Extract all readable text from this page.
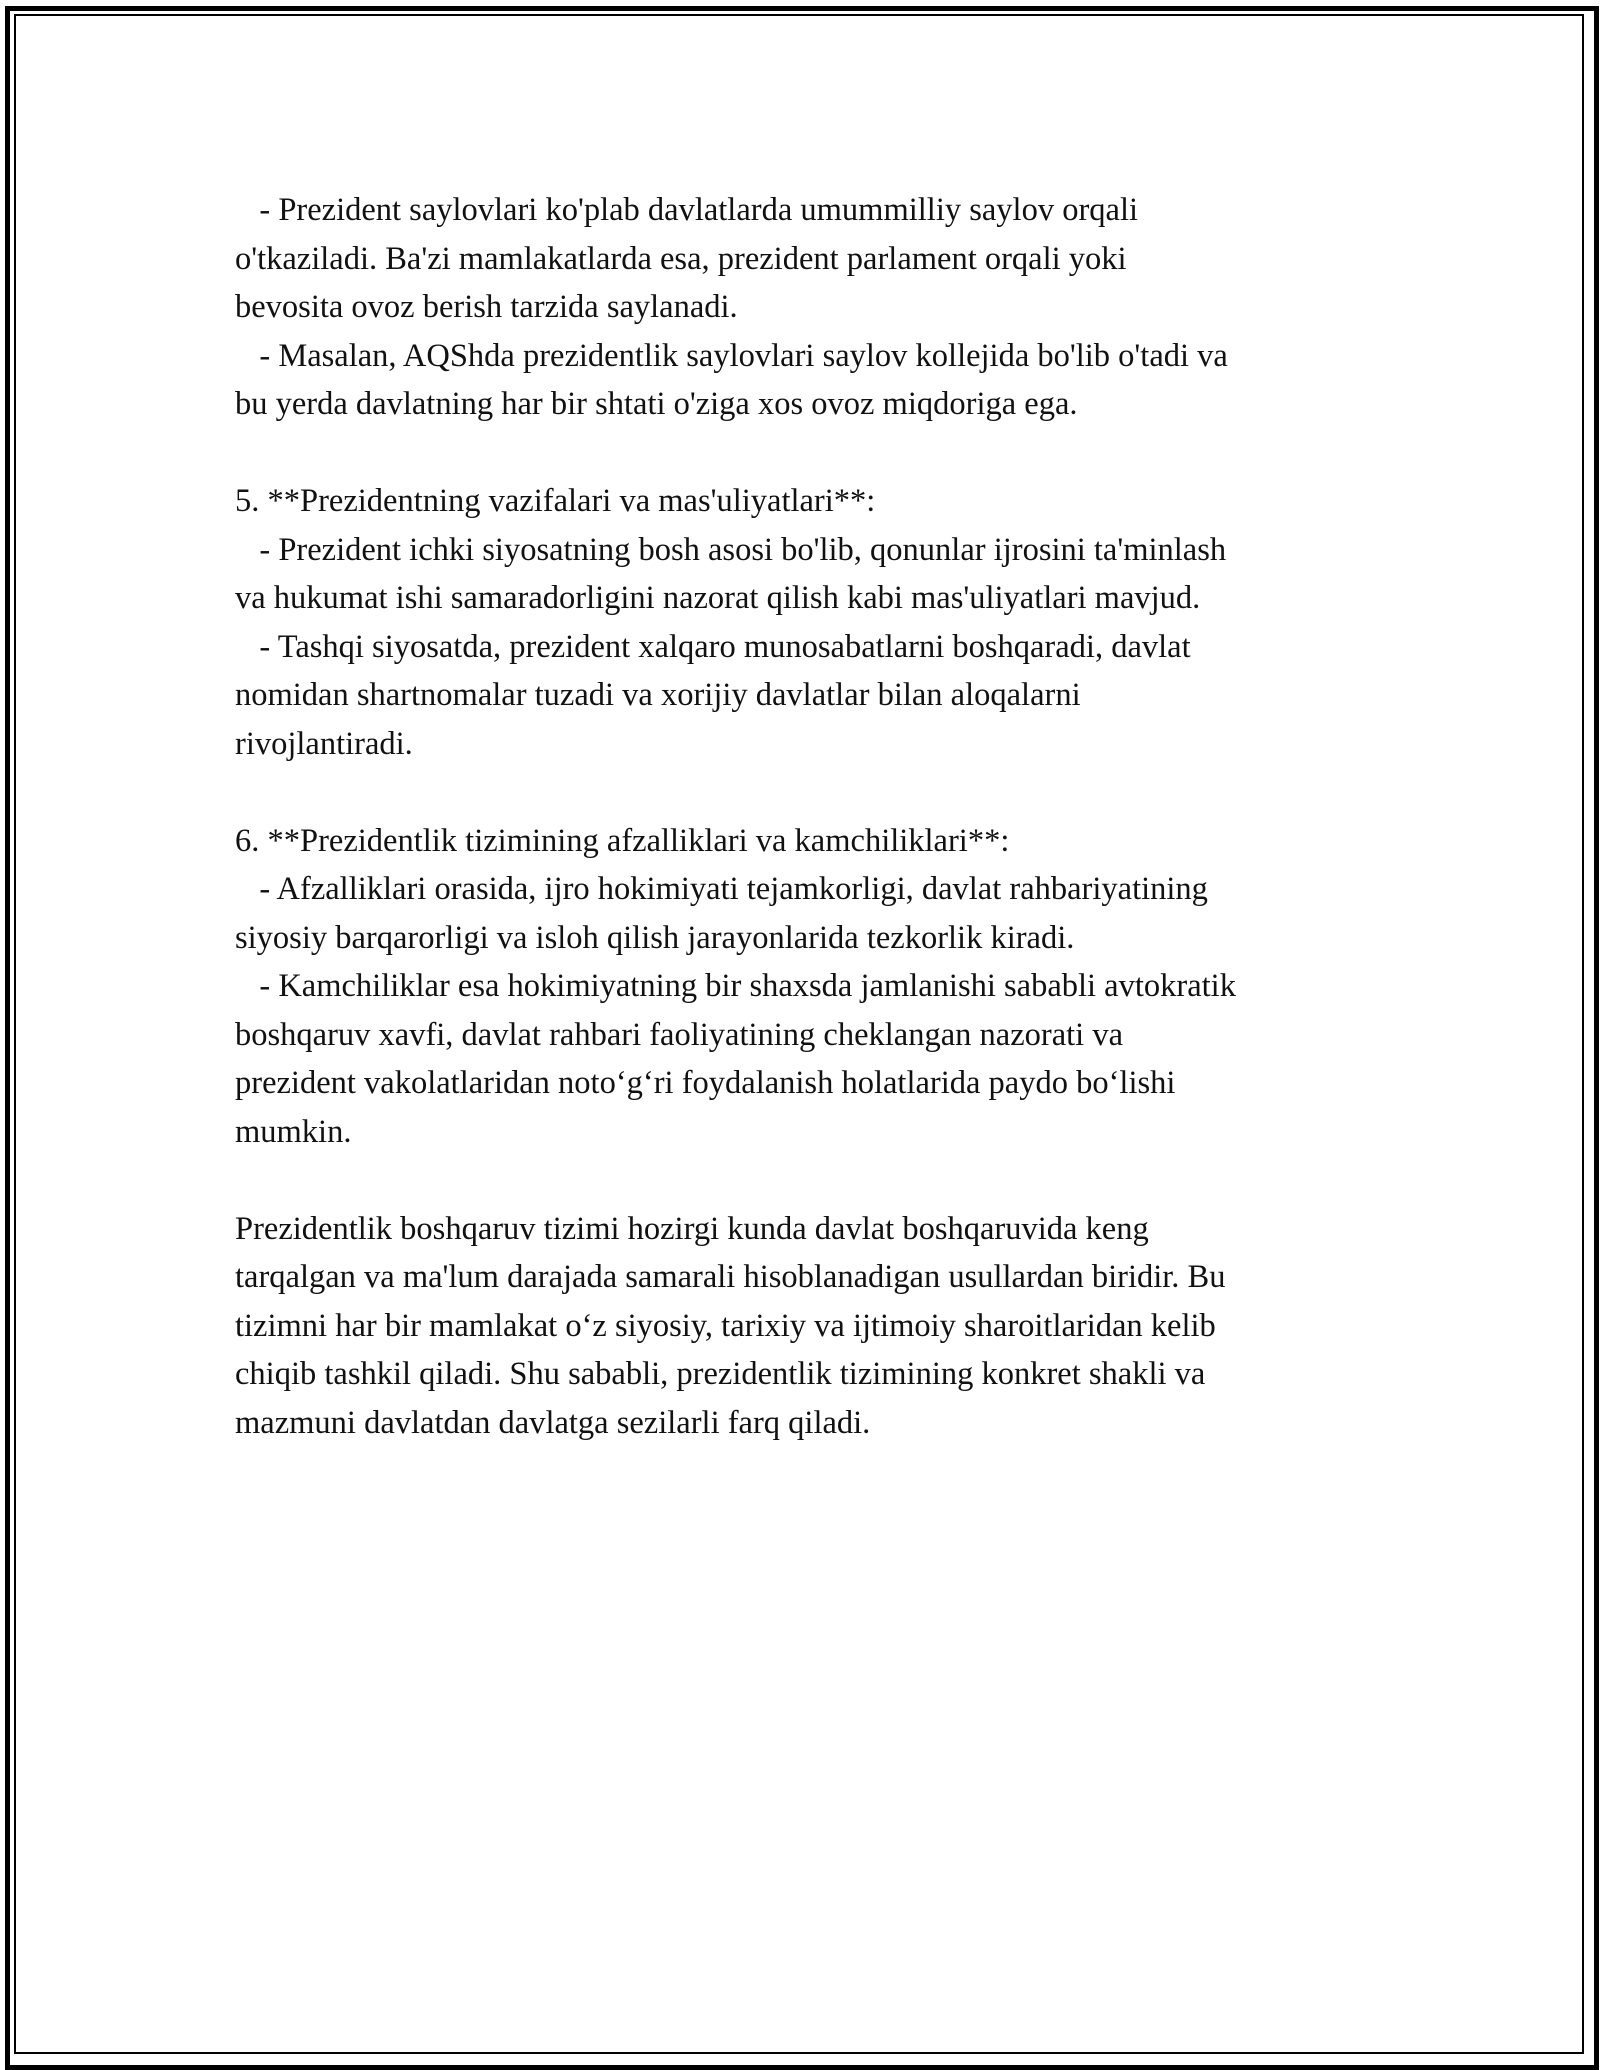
- Prezident saylovlari ko'plab davlatlarda umummilliy saylov orqali
o'tkaziladi. Ba'zi mamlakatlarda esa, prezident parlament orqali yoki
bevosita ovoz berish tarzida saylanadi.
- Masalan, AQShda prezidentlik saylovlari saylov kollejida bo'lib o'tadi va
bu yerda davlatning har bir shtati o'ziga xos ovoz miqdoriga ega.
5. **Prezidentning vazifalari va mas'uliyatlari**:
- Prezident ichki siyosatning bosh asosi bo'lib, qonunlar ijrosini ta'minlash
va hukumat ishi samaradorligini nazorat qilish kabi mas'uliyatlari mavjud.
- Tashqi siyosatda, prezident xalqaro munosabatlarni boshqaradi, davlat
nomidan shartnomalar tuzadi va xorijiy davlatlar bilan aloqalarni
rivojlantiradi.
6. **Prezidentlik tizimining afzalliklari va kamchiliklari**:
- Afzalliklari orasida, ijro hokimiyati tejamkorligi, davlat rahbariyatining
siyosiy barqarorligi va isloh qilish jarayonlarida tezkorlik kiradi.
- Kamchiliklar esa hokimiyatning bir shaxsda jamlanishi sababli avtokratik
boshqaruv xavfi, davlat rahbari faoliyatining cheklangan nazorati va
prezident vakolatlaridan noto‘g‘ri foydalanish holatlarida paydo bo‘lishi
mumkin.
Prezidentlik boshqaruv tizimi hozirgi kunda davlat boshqaruvida keng
tarqalgan va ma'lum darajada samarali hisoblanadigan usullardan biridir. Bu
tizimni har bir mamlakat o‘z siyosiy, tarixiy va ijtimoiy sharoitlaridan kelib
chiqib tashkil qiladi. Shu sababli, prezidentlik tizimining konkret shakli va
mazmuni davlatdan davlatga sezilarli farq qiladi.
